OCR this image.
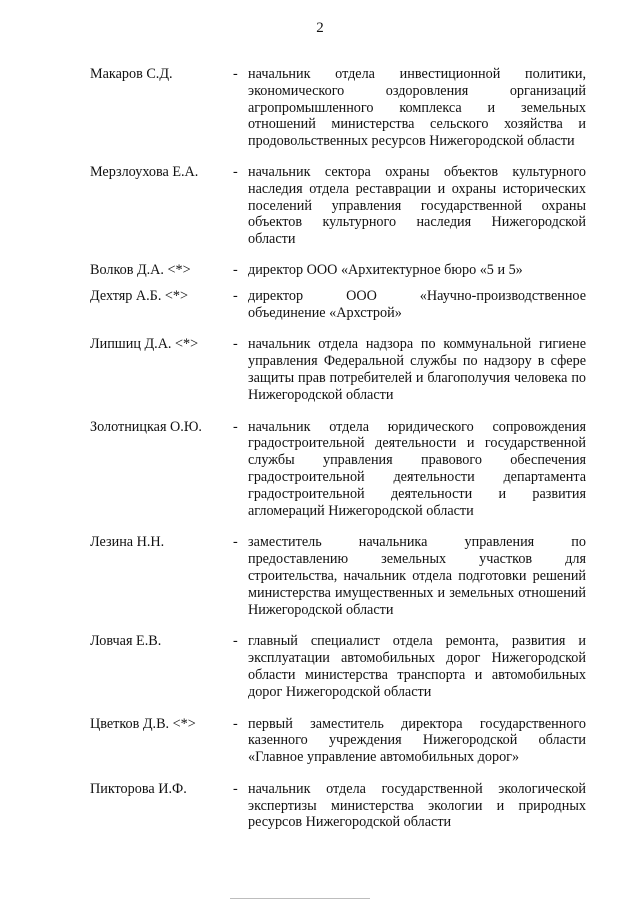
2
Макаров С.Д.	- начальник отдела инвестиционной политики, экономического оздоровления организаций агропромышленного комплекса и земельных отношений министерства сельского хозяйства и продовольственных ресурсов Нижегородской области
Мерзлоухова Е.А. - начальник сектора охраны объектов культурного наследия отдела реставрации и охраны исторических поселений управления государственной охраны объектов культурного наследия Нижегородской области
Волков Д.А. <*>	- директор ООО «Архитектурное бюро «5 и 5»
Дехтяр А.Б. <*>	- директор ООО «Научно-производственное объединение «Архстрой»
Липшиц Д.А. <*> - начальник отдела надзора по коммунальной гигиене управления Федеральной службы по надзору в сфере защиты прав потребителей и благополучия человека по Нижегородской области
Золотницкая О.Ю. - начальник отдела юридического сопровождения градостроительной деятельности и государственной службы управления правового обеспечения градостроительной деятельности департамента градостроительной деятельности и развития агломераций Нижегородской области
Лезина Н.Н.	- заместитель начальника управления по предоставлению земельных участков для строительства, начальник отдела подготовки решений министерства имущественных и земельных отношений Нижегородской области
Ловчая Е.В.	- главный специалист отдела ремонта, развития и эксплуатации автомобильных дорог Нижегородской области министерства транспорта и автомобильных дорог Нижегородской области
Цветков Д.В. <*>	- первый заместитель директора государственного казенного учреждения Нижегородской области «Главное управление автомобильных дорог»
Пикторова И.Ф.	- начальник отдела государственной экологической экспертизы министерства экологии и природных ресурсов Нижегородской области
